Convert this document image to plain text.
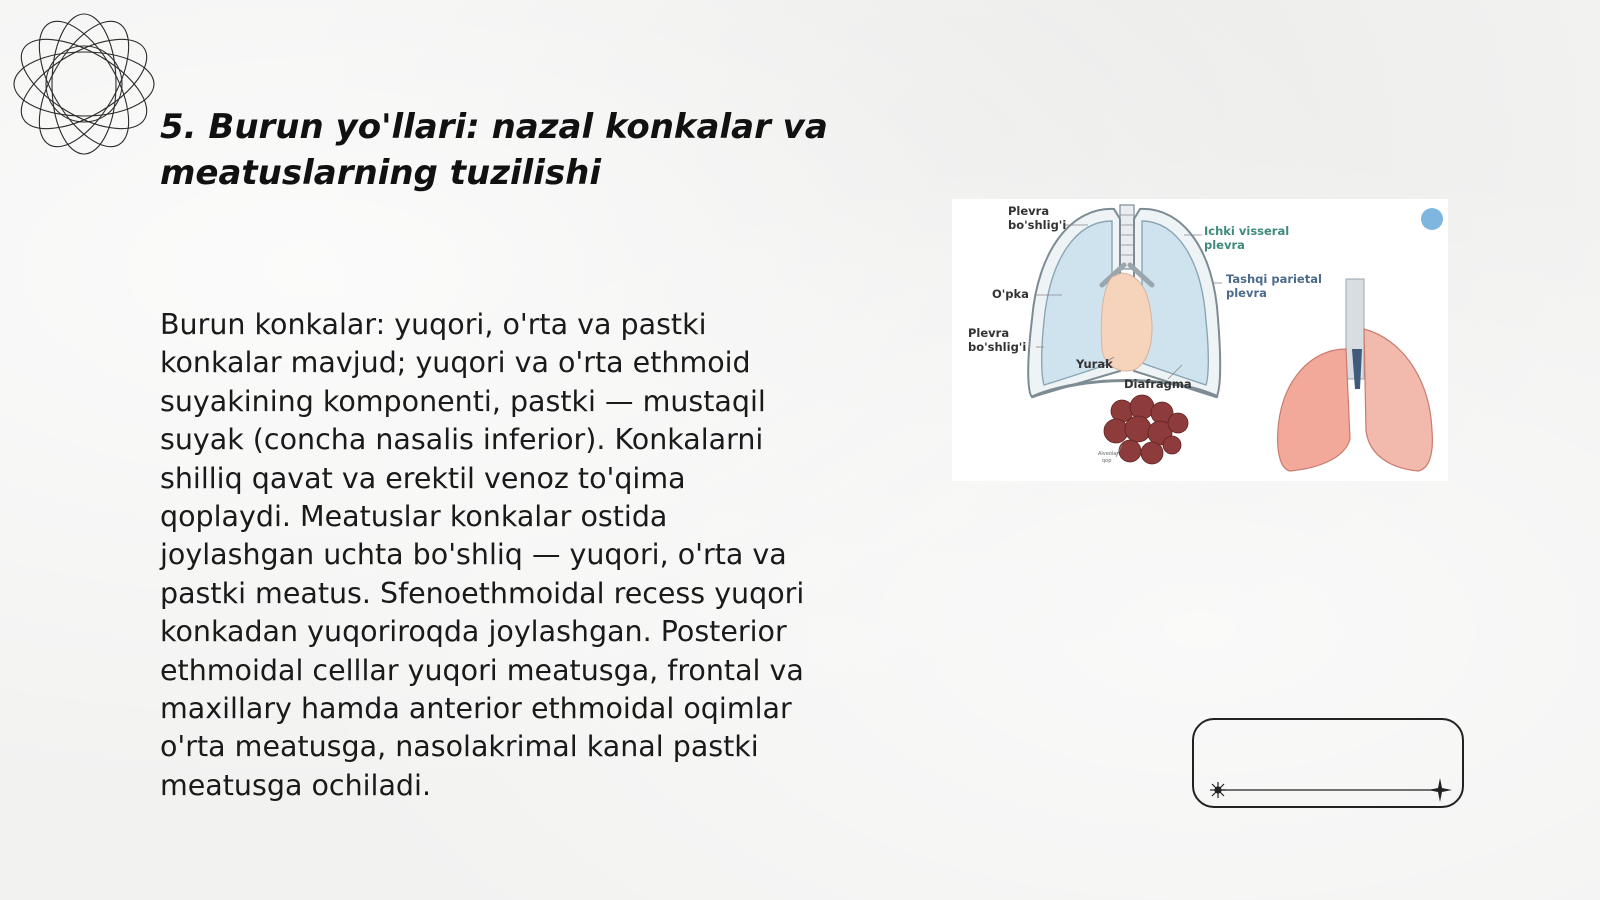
5. Burun yo'llari: nazal konkalar va meatuslarning tuzilishi

Burun konkalar: yuqori, o'rta va pastki
konkalar mavjud; yuqori va o'rta ethmoid
suyakining komponenti, pastki — mustaqil
suyak (concha nasalis inferior). Konkalarni
shilliq qavat va erektil venoz to'qima
qoplaydi. Meatuslar konkalar ostida
joylashgan uchta bo'shliq — yuqori, o'rta va
pastki meatus. Sfenoethmoidal recess yuqori
konkadan yuqoriroqda joylashgan. Posterior
ethmoidal celllar yuqori meatusga, frontal va
maxillary hamda anterior ethmoidal oqimlar
o'rta meatusga, nasolakrimal kanal pastki
meatusga ochiladi.

Plevra
bo'shlig'i	Ichki visseral
plevra
Tashqi parietal
plevra
O'pka
Plevra
bo'shlig'i
Yurak
Diafragma
Alveolar
qop
